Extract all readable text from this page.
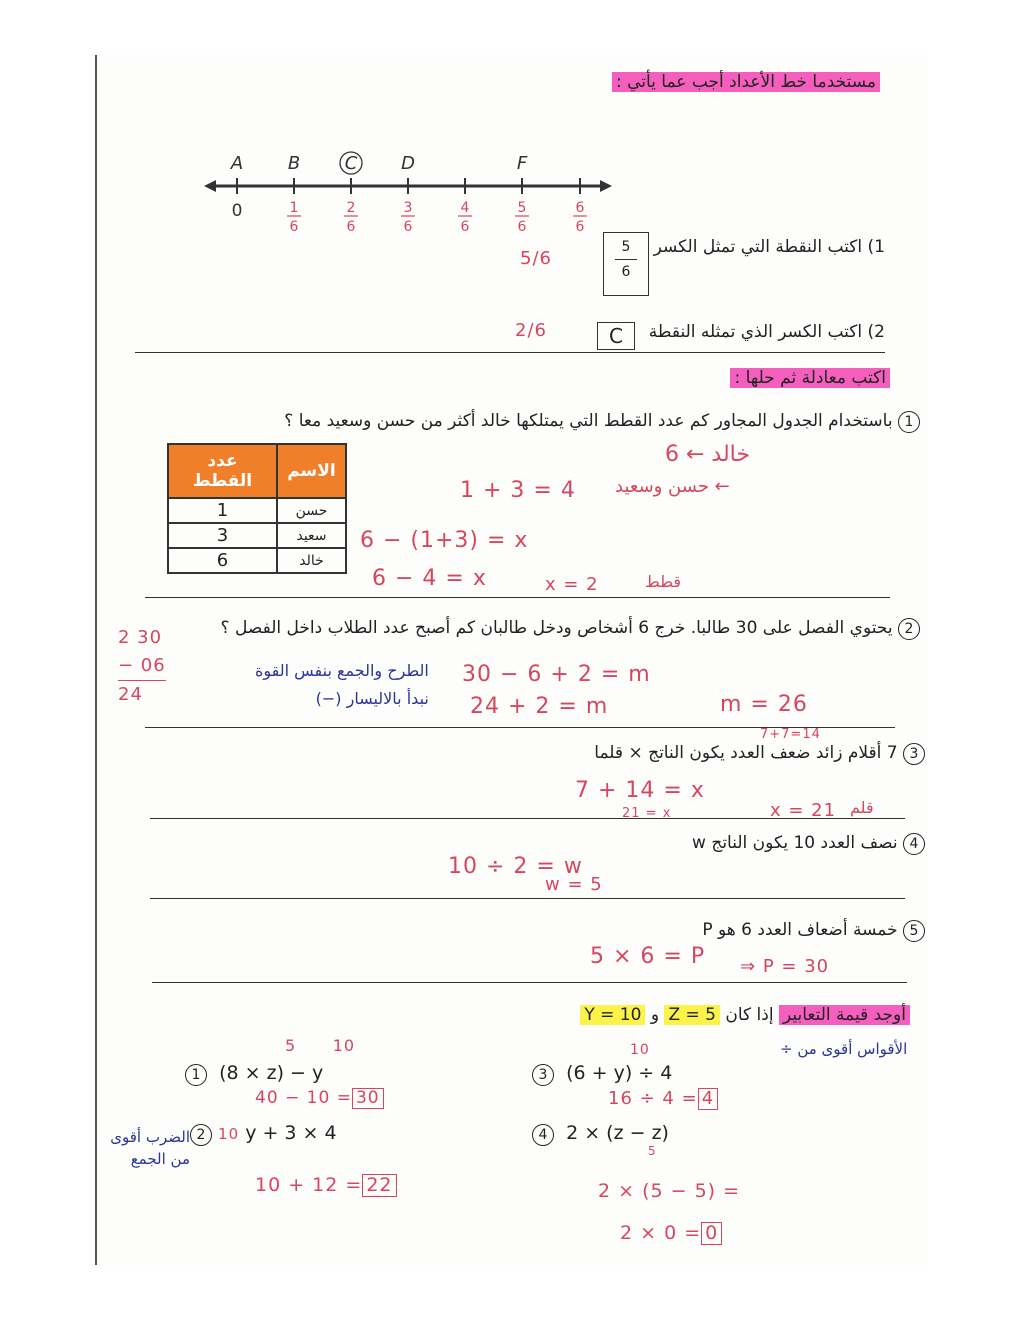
مستخدما خط الأعداد أجب عما يأتي :
A B C D	F
1
6
2
6
3
6
4
6
5
6
6
6
0
1) اكتب النقطة التي تمثل الكسر
5
6
5/6
2) اكتب الكسر الذي تمثله النقطة
C
2/6
اكتب معادلة ثم حلها :
1 باستخدام الجدول المجاور كم عدد القطط التي يمتلكها خالد أكثر من حسن وسعيد معا ؟
عدد القطط	الاسم
1	حسن
3	سعيد
6	خالد
خالد ← 6
1 + 3 = 4	← حسن وسعيد
6 − (1+3) = x
6 − 4 = x	x = 2	قطط
2 يحتوي الفصل على 30 طالبا. خرج 6 أشخاص ودخل طالبان كم أصبح عدد الطلاب داخل الفصل ؟
2 30
− 06
24
الطرح والجمع بنفس القوة
نبدأ بالاليسار (−)
30 − 6 + 2 = m
24 + 2 = m	m = 26
7+7=14
3 7 أقلام زائد ضعف العدد يكون الناتج × قلما
7 + 14 = x
21 = x	x = 21 قلم
4 نصف العدد 10 يكون الناتج w
10 ÷ 2 = w
w = 5
5 خمسة أضعاف العدد 6 هو P
5 × 6 = P ⇒ P = 30
أوجد قيمة التعابير إذا كان Z = 5 و Y = 10
الأقواس أقوى من ÷
5      10	10
1 (8 × z) − y
40 − 10 = 30
3 (6 + y) ÷ 4
16 ÷ 4 = 4
الضرب أقوى من الجمع
2 10 y + 3 × 4
10 + 12 = 22
4 2 × (z − z)
5
2 × (5 − 5) =
2 × 0 = 0
